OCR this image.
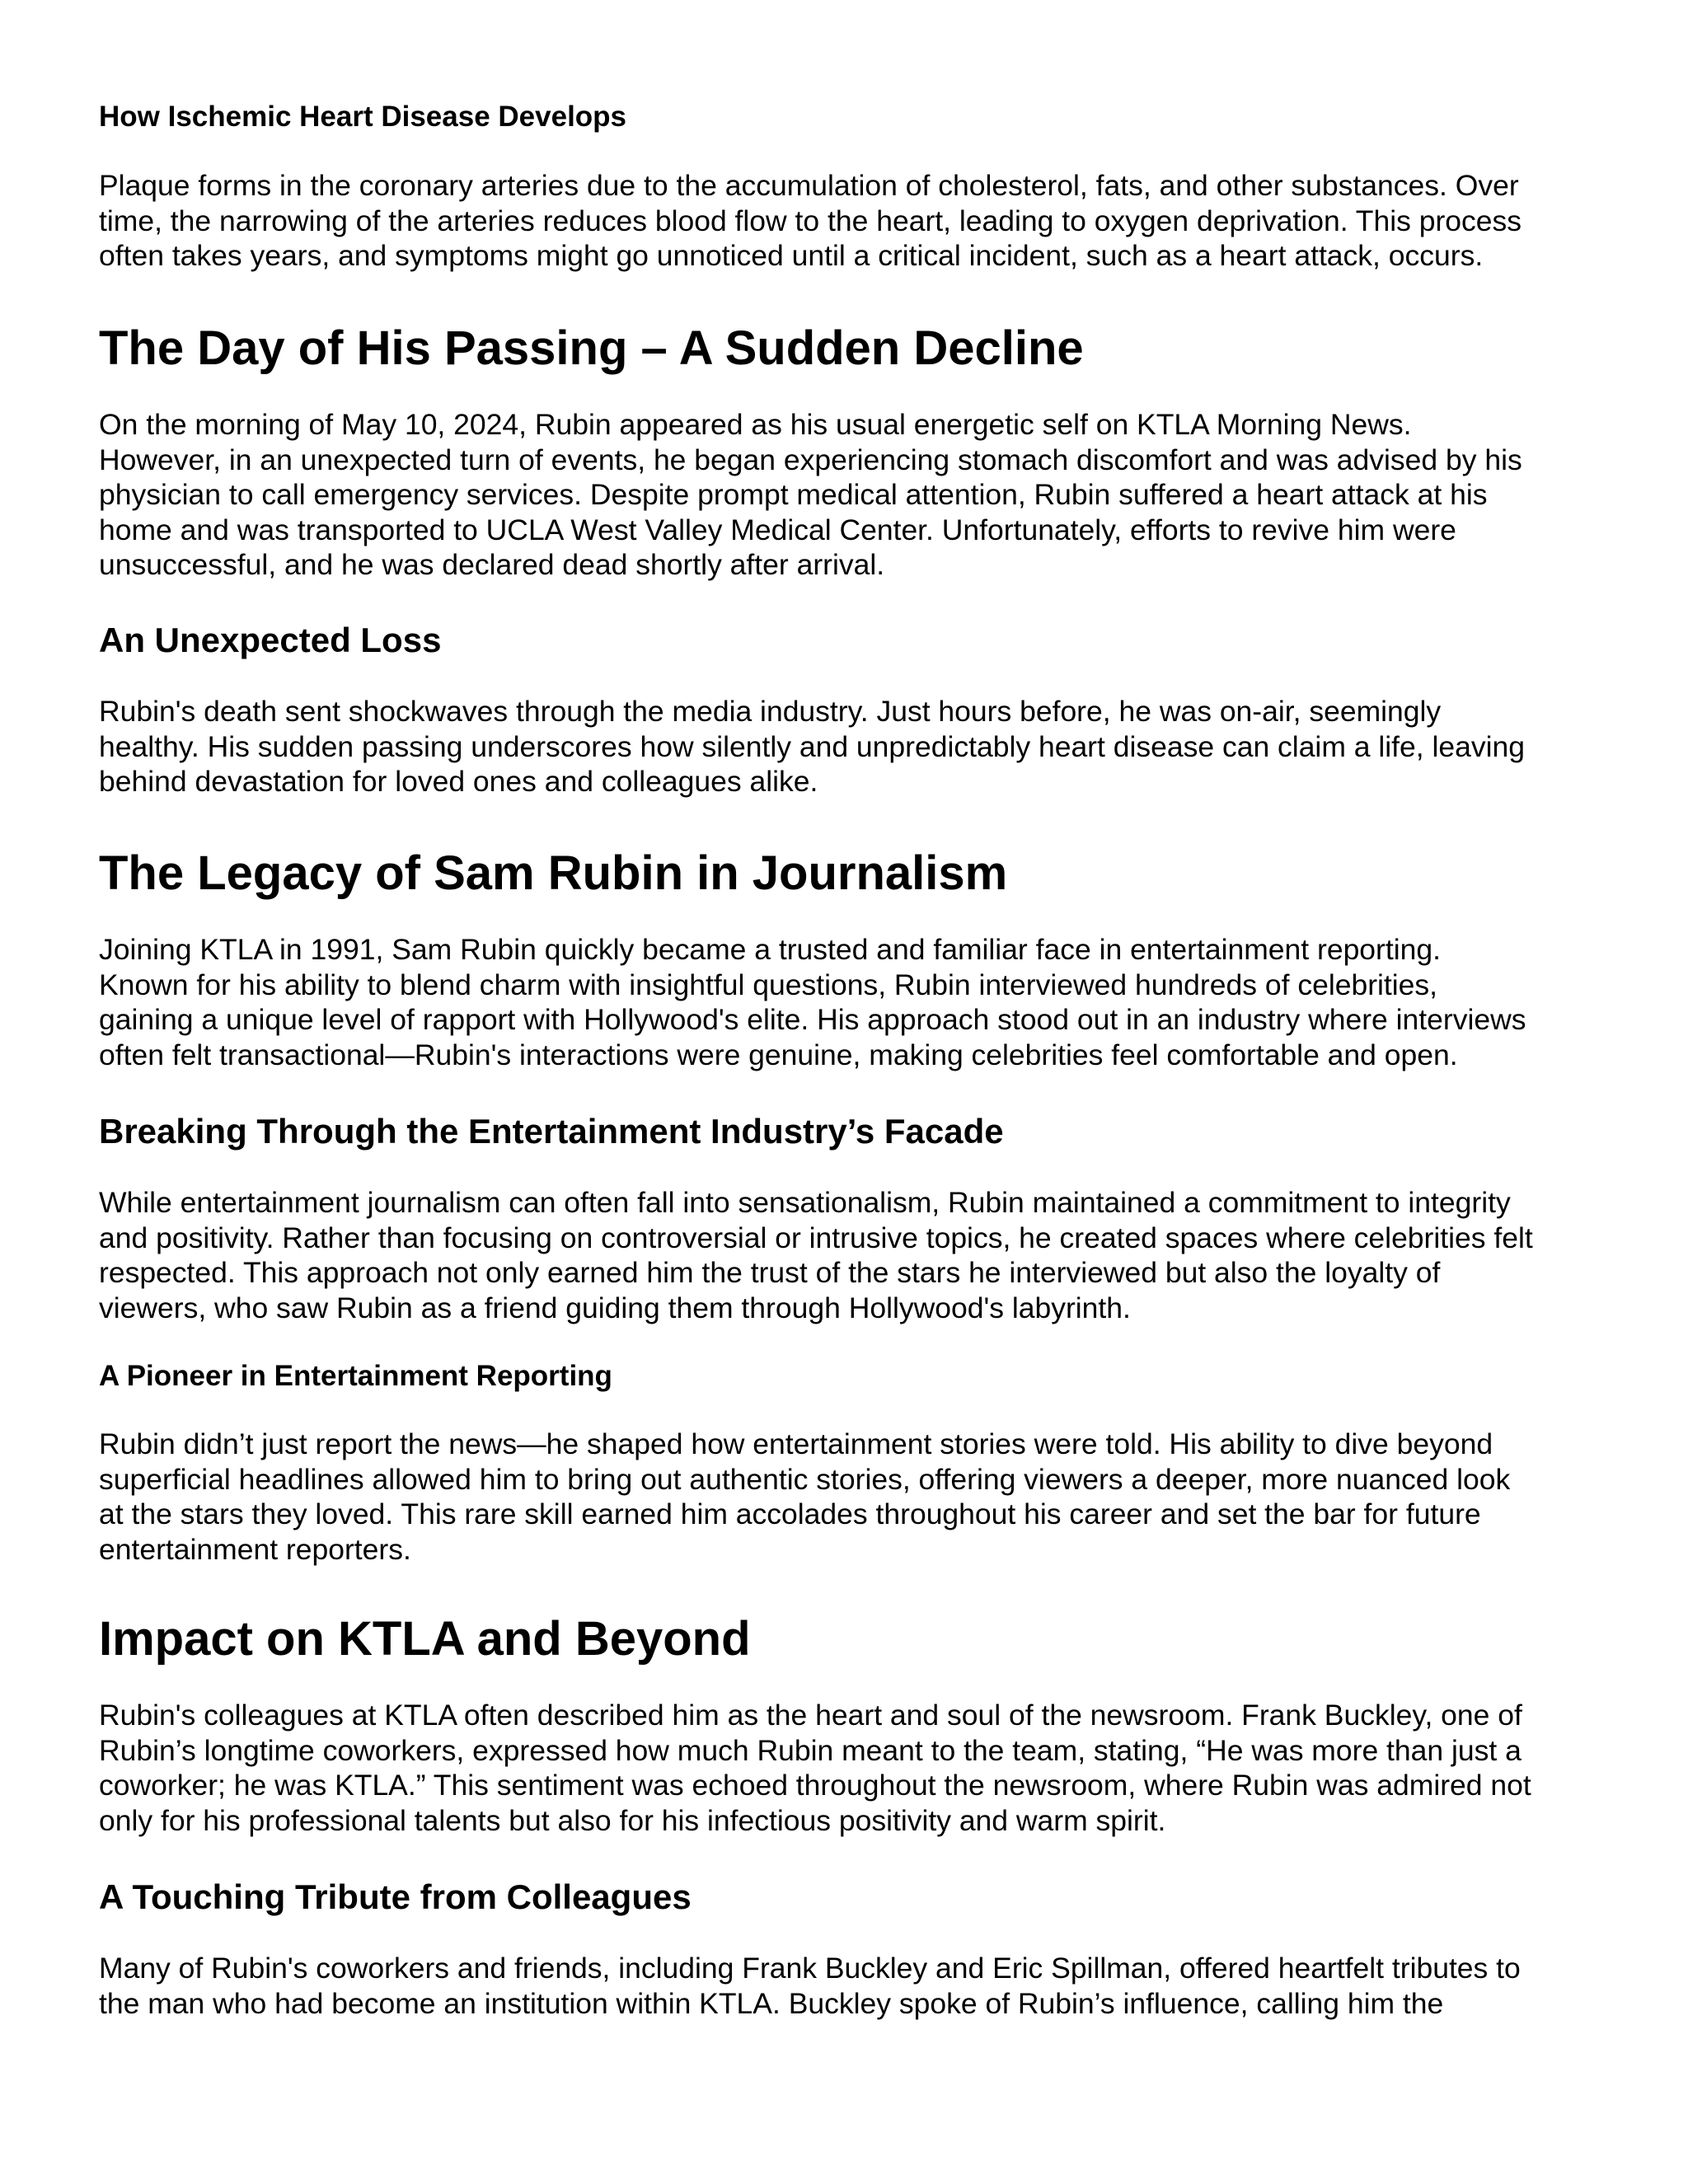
How Ischemic Heart Disease Develops

Plaque forms in the coronary arteries due to the accumulation of cholesterol, fats, and other substances. Over
time, the narrowing of the arteries reduces blood flow to the heart, leading to oxygen deprivation. This process
often takes years, and symptoms might go unnoticed until a critical incident, such as a heart attack, occurs.

The Day of His Passing – A Sudden Decline

On the morning of May 10, 2024, Rubin appeared as his usual energetic self on KTLA Morning News.
However, in an unexpected turn of events, he began experiencing stomach discomfort and was advised by his
physician to call emergency services. Despite prompt medical attention, Rubin suffered a heart attack at his
home and was transported to UCLA West Valley Medical Center. Unfortunately, efforts to revive him were
unsuccessful, and he was declared dead shortly after arrival.

An Unexpected Loss

Rubin's death sent shockwaves through the media industry. Just hours before, he was on-air, seemingly
healthy. His sudden passing underscores how silently and unpredictably heart disease can claim a life, leaving
behind devastation for loved ones and colleagues alike.

The Legacy of Sam Rubin in Journalism

Joining KTLA in 1991, Sam Rubin quickly became a trusted and familiar face in entertainment reporting.
Known for his ability to blend charm with insightful questions, Rubin interviewed hundreds of celebrities,
gaining a unique level of rapport with Hollywood's elite. His approach stood out in an industry where interviews
often felt transactional—Rubin's interactions were genuine, making celebrities feel comfortable and open.

Breaking Through the Entertainment Industry’s Facade

While entertainment journalism can often fall into sensationalism, Rubin maintained a commitment to integrity
and positivity. Rather than focusing on controversial or intrusive topics, he created spaces where celebrities felt
respected. This approach not only earned him the trust of the stars he interviewed but also the loyalty of
viewers, who saw Rubin as a friend guiding them through Hollywood's labyrinth.

A Pioneer in Entertainment Reporting

Rubin didn’t just report the news—he shaped how entertainment stories were told. His ability to dive beyond
superficial headlines allowed him to bring out authentic stories, offering viewers a deeper, more nuanced look
at the stars they loved. This rare skill earned him accolades throughout his career and set the bar for future
entertainment reporters.

Impact on KTLA and Beyond

Rubin's colleagues at KTLA often described him as the heart and soul of the newsroom. Frank Buckley, one of
Rubin’s longtime coworkers, expressed how much Rubin meant to the team, stating, “He was more than just a
coworker; he was KTLA.” This sentiment was echoed throughout the newsroom, where Rubin was admired not
only for his professional talents but also for his infectious positivity and warm spirit.

A Touching Tribute from Colleagues

Many of Rubin's coworkers and friends, including Frank Buckley and Eric Spillman, offered heartfelt tributes to
the man who had become an institution within KTLA. Buckley spoke of Rubin’s influence, calling him the
